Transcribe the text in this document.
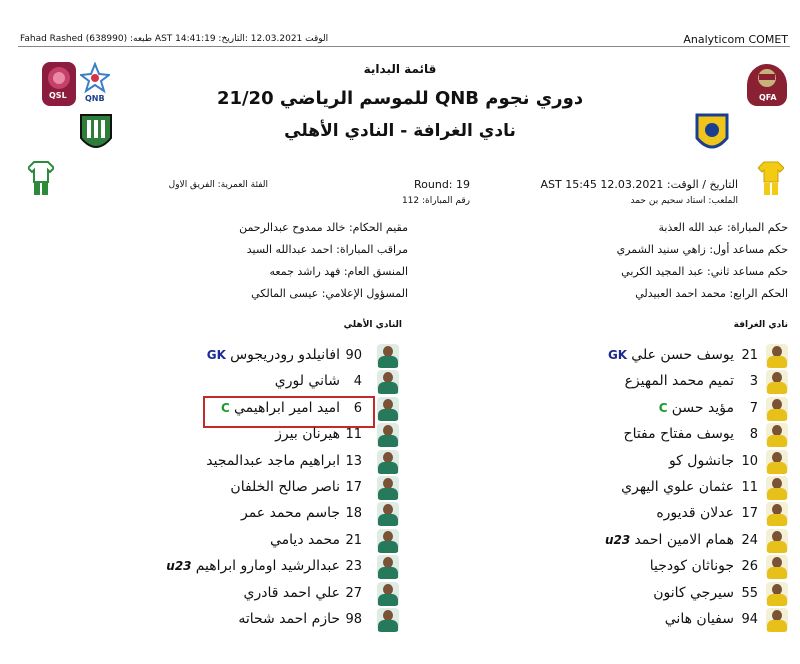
Fahad Rashed (638990) :طبعه AST 14:41:19 :الوقت 12.03.2021 :التاريخ	Analyticom COMET
QSL QNB	QFA
قائمة البداية
دوري نجوم QNB للموسم الرياضي 21/20
نادي الغرافة - النادي الأهلي
التاريخ / الوقت: AST 15:45 12.03.2021
الملعب: استاد سحيم بن حمد
Round: 19
رقم المباراة: 112
الفئة العمرية: الفريق الاول
حكم المباراة: عبد الله العذبة
حكم مساعد أول: زاهي سنيد الشمري
حكم مساعد ثاني: عبد المجيد الكربي
الحكم الرابع: محمد احمد العبيدلي
مقيم الحكام: خالد ممدوح عبدالرحمن
مراقب المباراة: احمد عبدالله السيد
المنسق العام: فهد راشد جمعه
المسؤول الإعلامي: عيسى المالكي
نادي الغرافة
النادي الأهلي
21
يوسف حسن علي GK
3
تميم محمد المهيزع
7
مؤيد حسن C
8
يوسف مفتاح مفتاح
10
جانشول كو
11
عثمان علوي اليهري
17
عدلان قديوره
24
همام الامين احمد u23
26
جوناثان كودجيا
55
سيرجي كانون
94
سفيان هاني
90
افانيلدو رودريجوس GK
4
شاني لوري
6
اميد امير ابراهيمي C
11
هيرنان بيرز
13
ابراهيم ماجد عبدالمجيد
17
ناصر صالح الخلفان
18
جاسم محمد عمر
21
محمد ديامي
23
عبدالرشيد اومارو ابراهيم u23
27
علي احمد قادري
98
حازم احمد شحاته
